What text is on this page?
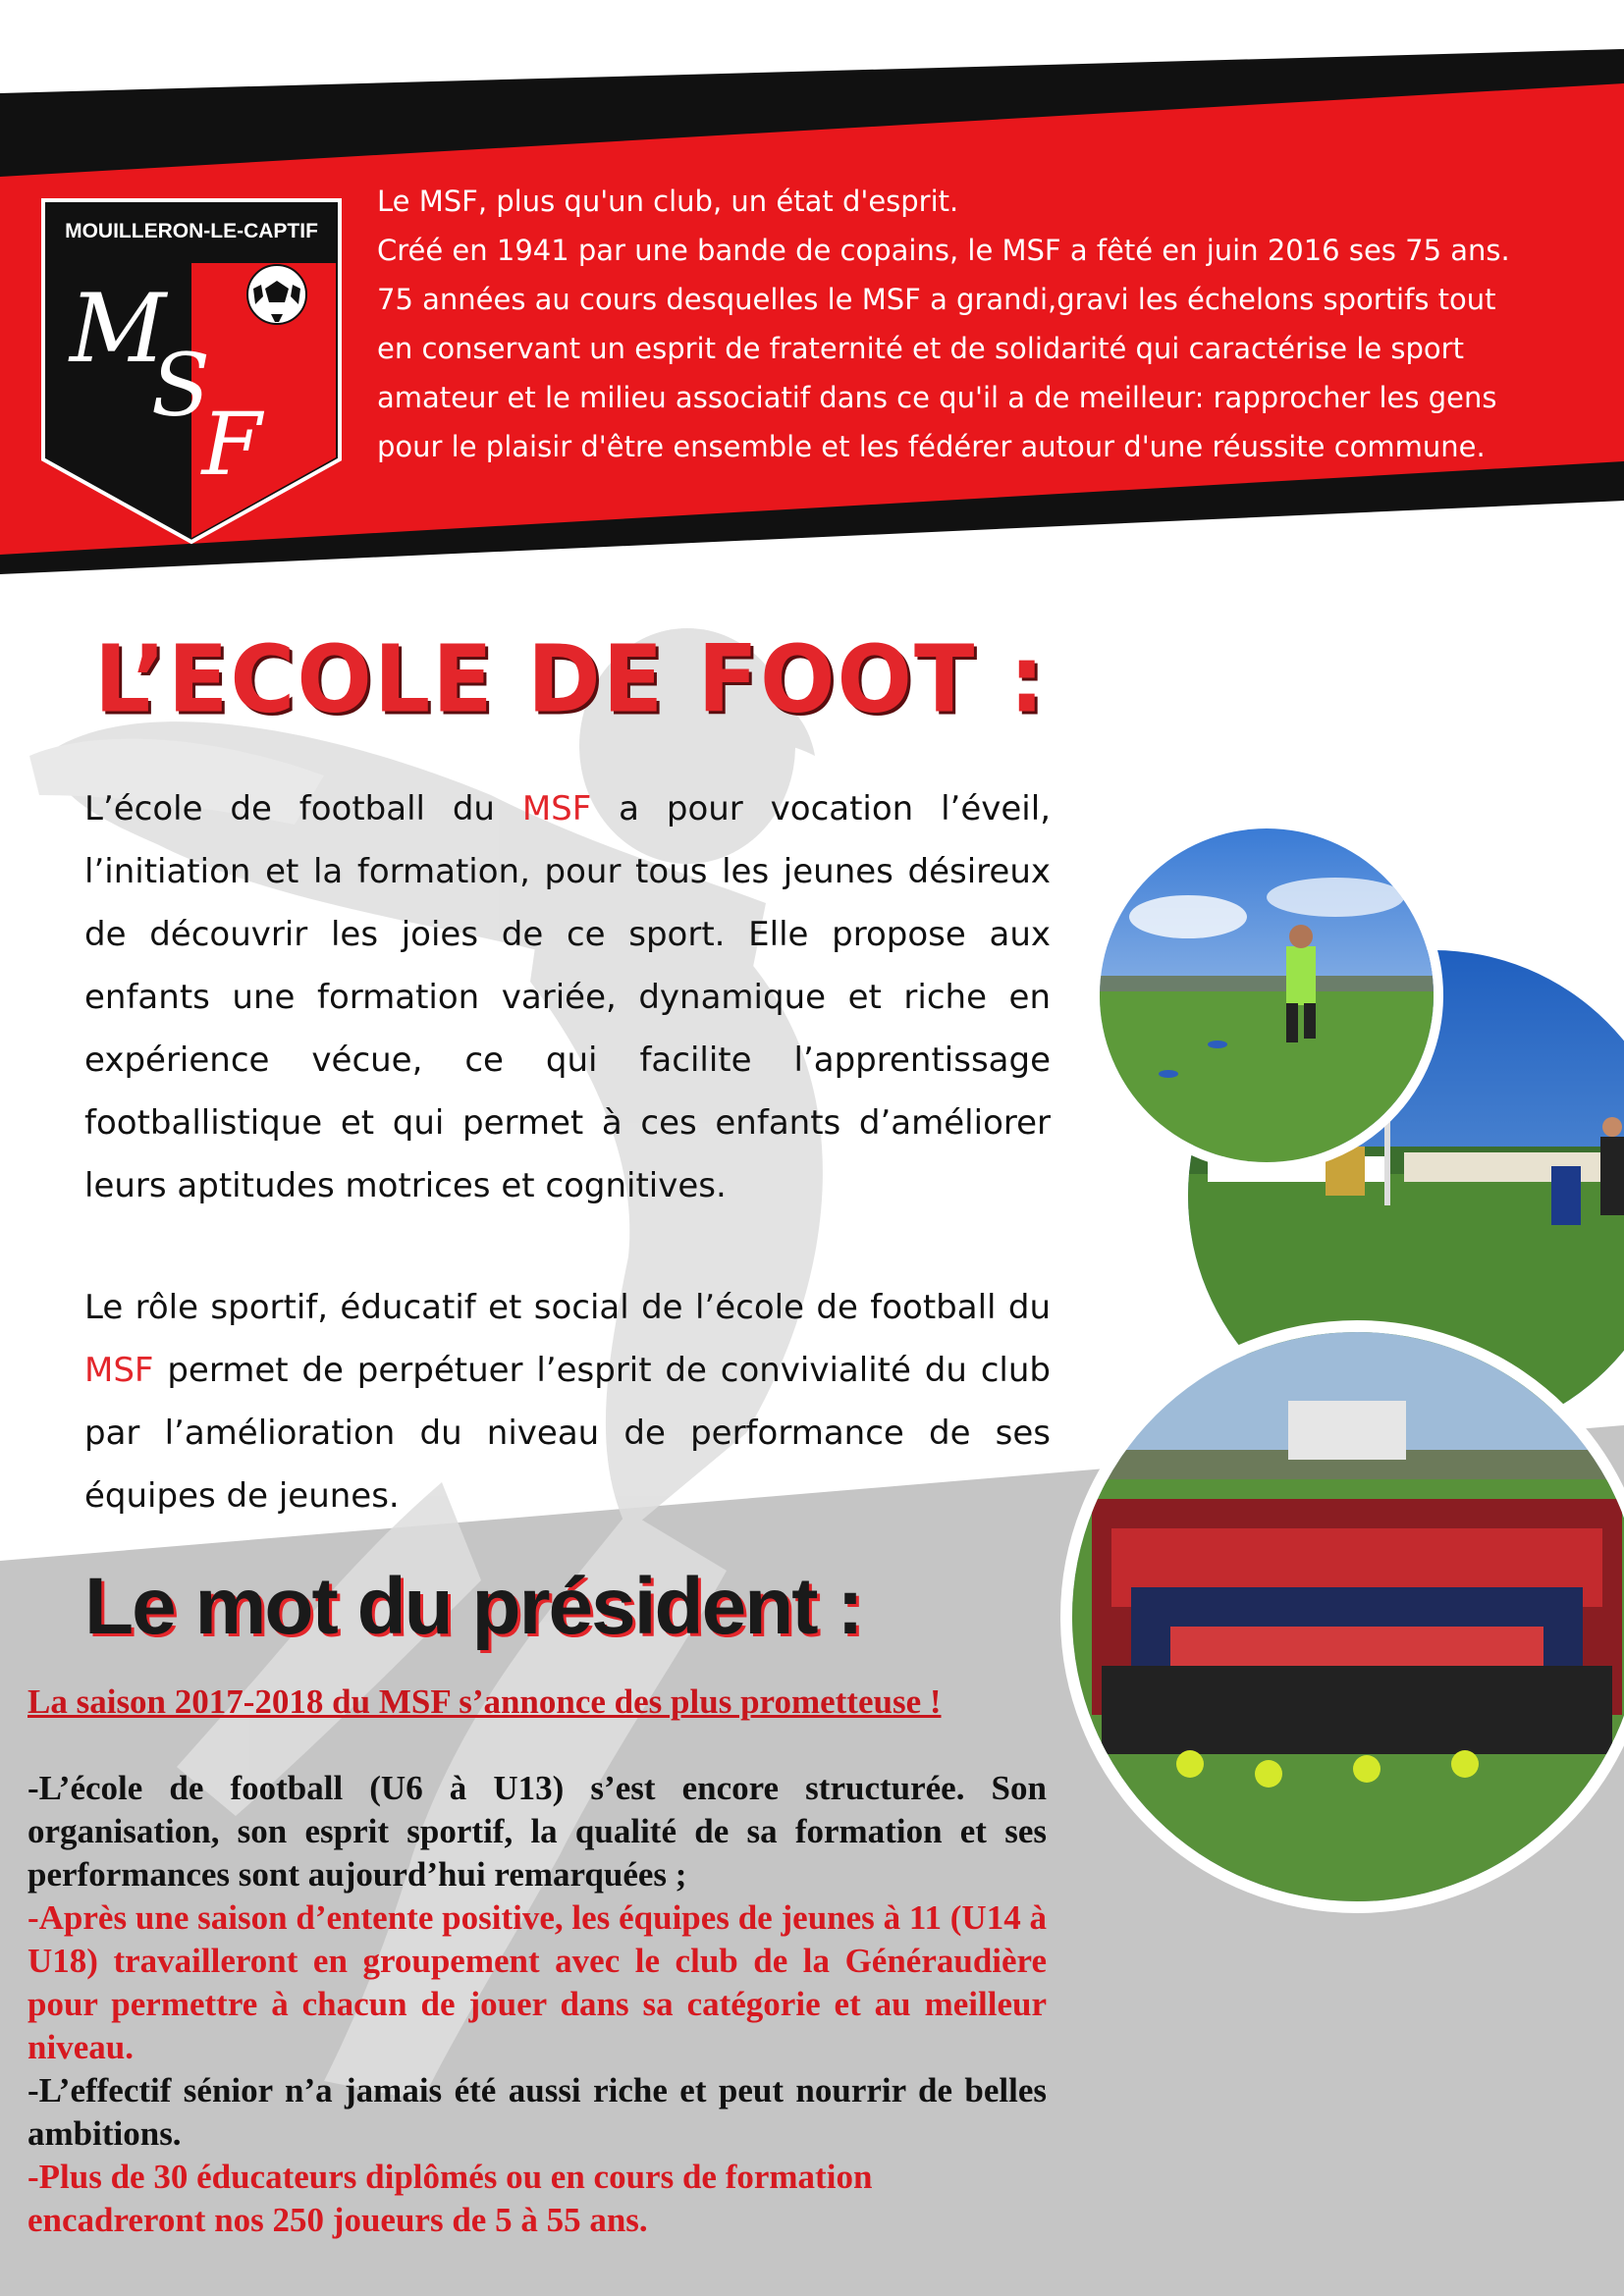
MOUILLERON-LE-CAPTIF
M
S
F
Le MSF, plus qu'un club, un état d'esprit.
Créé en 1941 par une bande de copains, le MSF a fêté en juin 2016 ses 75 ans.
75 années au cours desquelles le MSF a grandi,gravi les échelons sportifs tout
en conservant un esprit de fraternité et de solidarité qui caractérise le sport
amateur et le milieu associatif dans ce qu'il a de meilleur: rapprocher les gens
pour le plaisir d'être ensemble et les fédérer autour d'une réussite commune.
L’ECOLE DE FOOT :
L’école de football du MSF a pour vocation l’éveil, l’initiation et la formation, pour tous les jeunes désireux de découvrir les joies de ce sport. Elle propose aux enfants une formation variée, dynamique et riche en expérience vécue, ce qui facilite l’apprentissage footballistique et qui permet à ces enfants d’améliorer leurs aptitudes motrices et cognitives.
Le rôle sportif, éducatif et social de l’école de football du MSF permet de perpétuer l’esprit de convivialité du club par l’amélioration du niveau de performance de ses équipes de jeunes.
Le mot du président :
La saison 2017-2018 du MSF s’annonce des plus prometteuse !
-L’école de football (U6 à U13) s’est encore structurée. Son organisation, son esprit sportif, la qualité de sa formation et ses performances sont aujourd’hui remarquées ;
-Après une saison d’entente positive, les équipes de jeunes à 11 (U14 à U18) travailleront en groupement avec le club de la Généraudière pour permettre à chacun de jouer dans sa catégorie et au meilleur niveau.
-L’effectif sénior n’a jamais été aussi riche et peut nourrir de belles ambitions.
-Plus de 30 éducateurs diplômés ou en cours de formation
encadreront nos 250 joueurs de 5 à 55 ans.
